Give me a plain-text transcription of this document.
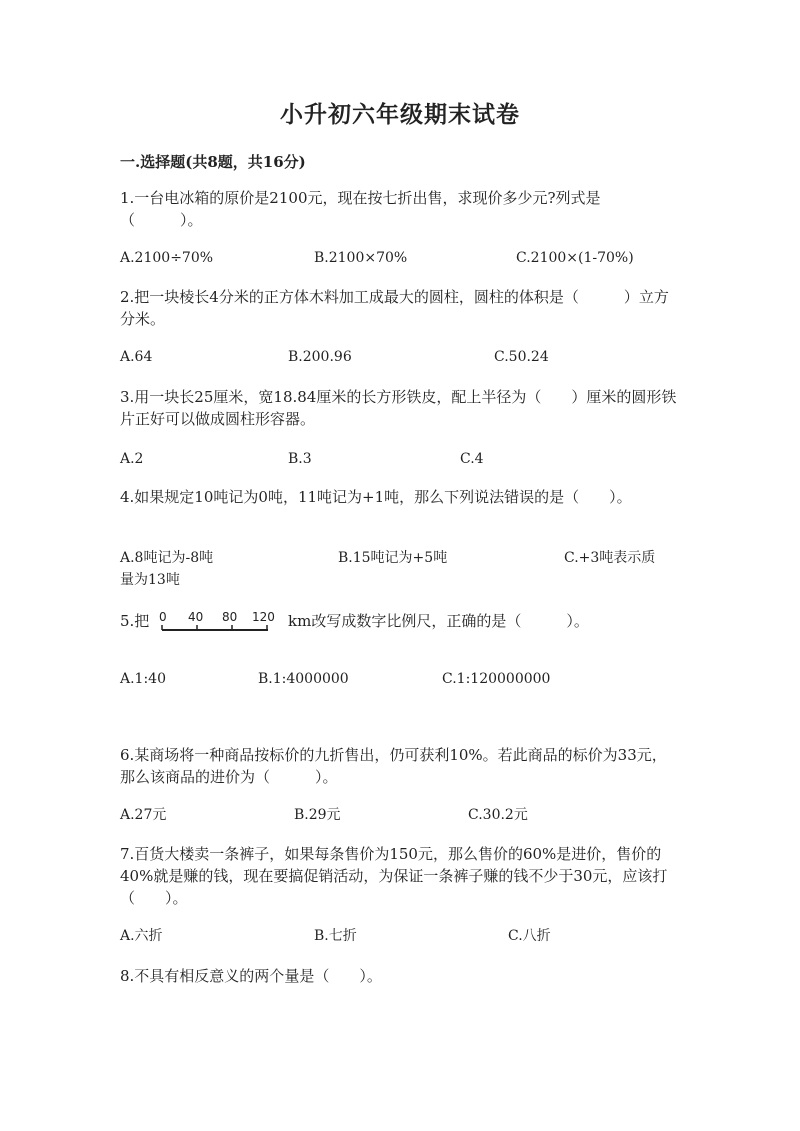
小升初六年级期末试卷
一.选择题(共8题，共16分)
1.一台电冰箱的原价是2100元，现在按七折出售，求现价多少元?列式是（　　　）。
A.2100÷70%	B.2100×70%	C.2100×(1-70%)
2.把一块棱长4分米的正方体木料加工成最大的圆柱，圆柱的体积是（　　　）立方分米。
A.64	B.200.96	C.50.24
3.用一块长25厘米，宽18.84厘米的长方形铁皮，配上半径为（　　）厘米的圆形铁片正好可以做成圆柱形容器。
A.2	B.3	C.4
4.如果规定10吨记为0吨，11吨记为+1吨，那么下列说法错误的是（　　）。
A.8吨记为-8吨	B.15吨记为+5吨	C.+3吨表示质
量为13吨
5.把 0 40 80 120 km改写成数字比例尺，正确的是（　　　）。
A.1:40	B.1:4000000	C.1:120000000
6.某商场将一种商品按标价的九折售出，仍可获利10%。若此商品的标价为33元，那么该商品的进价为（　　　）。
A.27元	B.29元	C.30.2元
7.百货大楼卖一条裤子，如果每条售价为150元，那么售价的60%是进价，售价的40%就是赚的钱，现在要搞促销活动，为保证一条裤子赚的钱不少于30元，应该打（　　）。
A.六折	B.七折	C.八折
8.不具有相反意义的两个量是（　　）。
